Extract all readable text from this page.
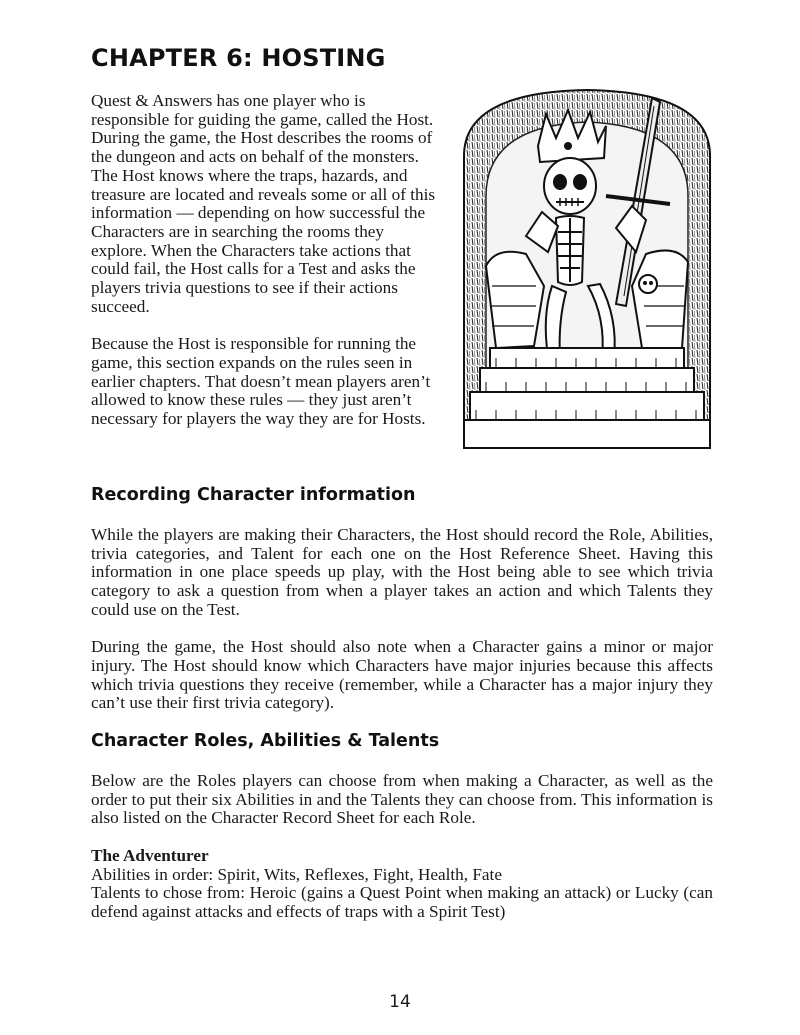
CHAPTER 6: HOSTING

Quest & Answers has one player who is responsible for guiding the game, called the Host. During the game, the Host describes the rooms of the dungeon and acts on behalf of the monsters. The Host knows where the traps, hazards, and treasure are located and reveals some or all of this information — depending on how successful the Characters are in searching the rooms they explore. When the Characters take actions that could fail, the Host calls for a Test and asks the players trivia questions to see if their actions succeed.

Because the Host is responsible for running the game, this section expands on the rules seen in earlier chapters. That doesn’t mean players aren’t allowed to know these rules — they just aren’t necessary for players the way they are for Hosts.

Recording Character information

While the players are making their Characters, the Host should record the Role, Abilities, trivia categories, and Talent for each one on the Host Reference Sheet. Having this information in one place speeds up play, with the Host being able to see which trivia category to ask a question from when a player takes an action and which Talents they could use on the Test.

During the game, the Host should also note when a Character gains a minor or major injury. The Host should know which Characters have major injuries because this affects which trivia questions they receive (remember, while a Character has a major injury they can’t use their first trivia category).

Character Roles, Abilities & Talents

Below are the Roles players can choose from when making a Character, as well as the order to put their six Abilities in and the Talents they can choose from. This information is also listed on the Character Record Sheet for each Role.

The Adventurer
Abilities in order: Spirit, Wits, Reflexes, Fight, Health, Fate
Talents to chose from: Heroic (gains a Quest Point when making an attack) or Lucky (can defend against attacks and effects of traps with a Spirit Test)
14
